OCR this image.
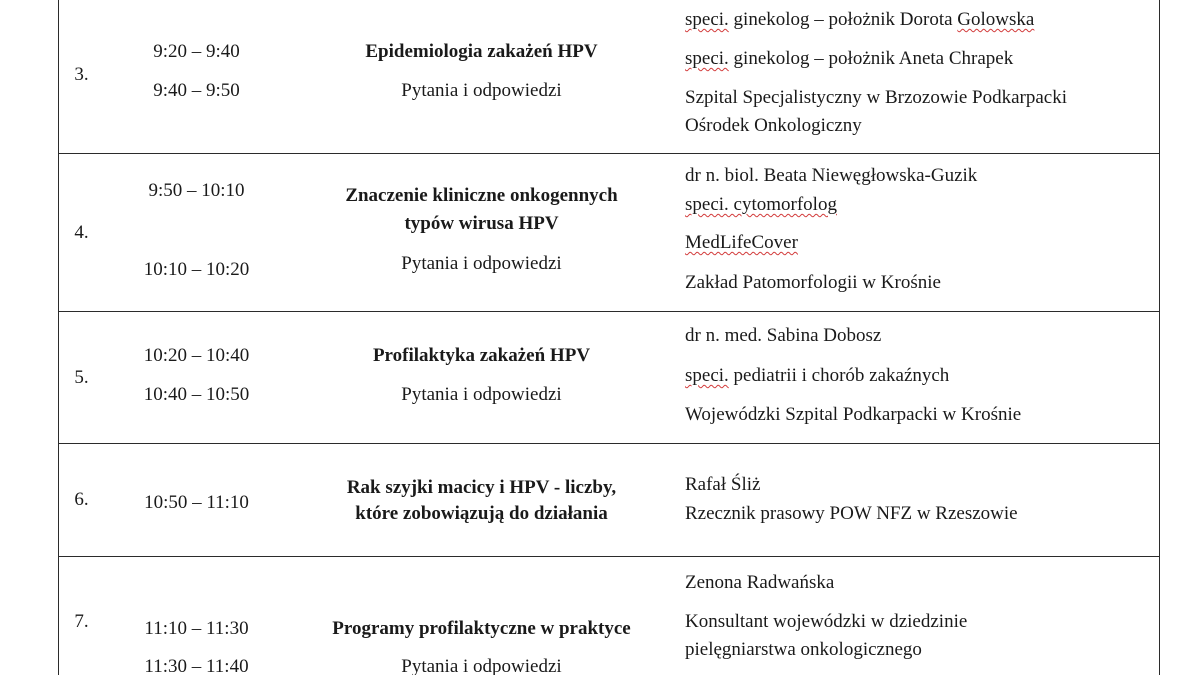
3.
9:20 – 9:40
9:40 – 9:50
Epidemiologia zakażeń HPV
Pytania i odpowiedzi
speci. ginekolog – położnik Dorota Golowska
speci. ginekolog – położnik Aneta Chrapek
Szpital Specjalistyczny w Brzozowie Podkarpacki
Ośrodek Onkologiczny
4.
9:50 – 10:10
10:10 – 10:20
Znaczenie kliniczne onkogennych
typów wirusa HPV
Pytania i odpowiedzi
dr n. biol. Beata Niewęgłowska-Guzik
speci. cytomorfolog
MedLifeCover
Zakład Patomorfologii w Krośnie
5.
10:20 – 10:40
10:40 – 10:50
Profilaktyka zakażeń HPV
Pytania i odpowiedzi
dr n. med. Sabina Dobosz
speci. pediatrii i chorób zakaźnych
Wojewódzki Szpital Podkarpacki w Krośnie
6.	10:50 – 11:10
Rak szyjki macicy i HPV - liczby,
które zobowiązują do działania
Rafał Śliż
Rzecznik prasowy POW NFZ w Rzeszowie
7.	11:10 – 11:30
11:30 – 11:40
Programy profilaktyczne w praktyce
Pytania i odpowiedzi
Zenona Radwańska
Konsultant wojewódzki w dziedzinie
pielęgniarstwa onkologicznego
